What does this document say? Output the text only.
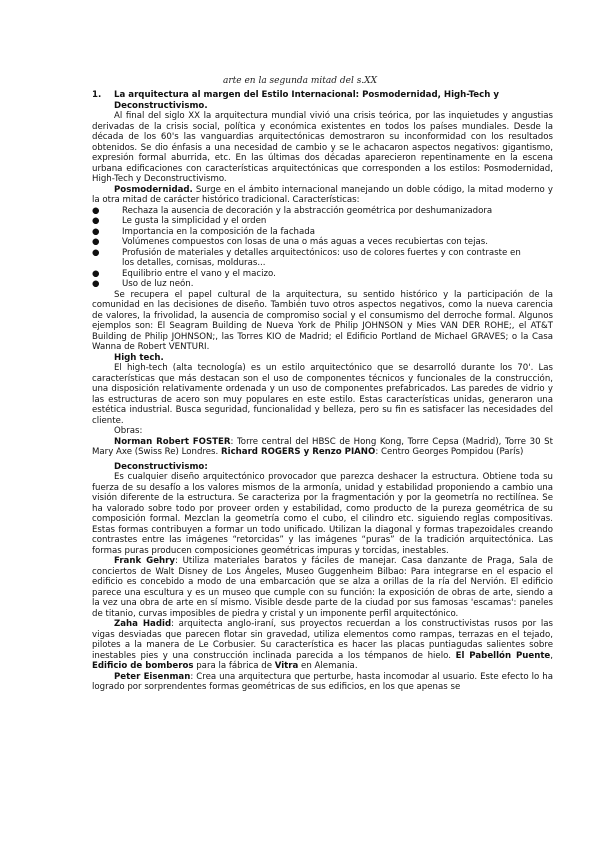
arte en la segunda mitad del s.XX
1. La arquitectura al margen del Estilo Internacional: Posmodernidad, High-Tech y Deconstructivismo.

Al final del siglo XX la arquitectura mundial vivió una crisis teórica, por las inquietudes y angustias derivadas de la crisis social, política y económica existentes en todos los países mundiales. Desde la década de los 60's las vanguardias arquitectónicas demostraron su inconformidad con los resultados obtenidos. Se dio énfasis a una necesidad de cambio y se le achacaron aspectos negativos: gigantismo, expresión formal aburrida, etc. En las últimas dos décadas aparecieron repentinamente en la escena urbana edificaciones con características arquitectónicas que corresponden a los estilos: Posmodernidad, High-Tech y Deconstructivismo.

Posmodernidad. Surge en el ámbito internacional manejando un doble código, la mitad moderno y la otra mitad de carácter histórico tradicional. Características:

●	Rechaza la ausencia de decoración y la abstracción geométrica por deshumanizadora
●	Le gusta la simplicidad y el orden
●	Importancia en la composición de la fachada
●	Volúmenes compuestos con losas de una o más aguas a veces recubiertas con tejas.
●	Profusión de materiales y detalles arquitectónicos: uso de colores fuertes y con contraste en los detalles, cornisas, molduras...
●	Equilibrio entre el vano y el macizo.
●	Uso de luz neón.

Se recupera el papel cultural de la arquitectura, su sentido histórico y la participación de la comunidad en las decisiones de diseño. También tuvo otros aspectos negativos, como la nueva carencia de valores, la frivolidad, la ausencia de compromiso social y el consumismo del derroche formal. Algunos ejemplos son: El Seagram Building de Nueva York de Philip JOHNSON y Mies VAN DER ROHE;, el AT&T Building de Philip JOHNSON;, las Torres KIO de Madrid; el Edificio Portland de Michael GRAVES; o la Casa Wanna de Robert VENTURI.

High tech.

El high-tech (alta tecnología) es un estilo arquitectónico que se desarrolló durante los 70'. Las características que más destacan son el uso de componentes técnicos y funcionales de la construcción, una disposición relativamente ordenada y un uso de componentes prefabricados. Las paredes de vidrio y las estructuras de acero son muy populares en este estilo. Estas características unidas, generaron una estética industrial. Busca seguridad, funcionalidad y belleza, pero su fin es satisfacer las necesidades del cliente.

Obras:

Norman Robert FOSTER: Torre central del HBSC de Hong Kong, Torre Cepsa (Madrid), Torre 30 St Mary Axe (Swiss Re) Londres. Richard ROGERS y Renzo PIANO: Centro Georges Pompidou (París)

Deconstructivismo:

Es cualquier diseño arquitectónico provocador que parezca deshacer la estructura. Obtiene toda su fuerza de su desafío a los valores mismos de la armonía, unidad y estabilidad proponiendo a cambio una visión diferente de la estructura. Se caracteriza por la fragmentación y por la geometría no rectilínea. Se ha valorado sobre todo por proveer orden y estabilidad, como producto de la pureza geométrica de su composición formal. Mezclan la geometría como el cubo, el cilindro etc. siguiendo reglas compositivas. Estas formas contribuyen a formar un todo unificado. Utilizan la diagonal y formas trapezoidales creando contrastes entre las imágenes “retorcidas” y las imágenes “puras” de la tradición arquitectónica. Las formas puras producen composiciones geométricas impuras y torcidas, inestables.

Frank Gehry: Utiliza materiales baratos y fáciles de manejar. Casa danzante de Praga, Sala de conciertos de Walt Disney de Los Ángeles, Museo Guggenheim Bilbao: Para integrarse en el espacio el edificio es concebido a modo de una embarcación que se alza a orillas de la ría del Nervión. El edificio parece una escultura y es un museo que cumple con su función: la exposición de obras de arte, siendo a la vez una obra de arte en sí mismo. Visible desde parte de la ciudad por sus famosas 'escamas': paneles de titanio, curvas imposibles de piedra y cristal y un imponente perfil arquitectónico.

Zaha Hadid: arquitecta anglo-iraní, sus proyectos recuerdan a los constructivistas rusos por las vigas desviadas que parecen flotar sin gravedad, utiliza elementos como rampas, terrazas en el tejado, pilotes a la manera de Le Corbusier. Su característica es hacer las placas puntiagudas salientes sobre inestables pies y una construcción inclinada parecida a los témpanos de hielo. El Pabellón Puente, Edificio de bomberos para la fábrica de Vitra en Alemania.

Peter Eisenman: Crea una arquitectura que perturbe, hasta incomodar al usuario. Este efecto lo ha logrado por sorprendentes formas geométricas de sus edificios, en los que apenas se
